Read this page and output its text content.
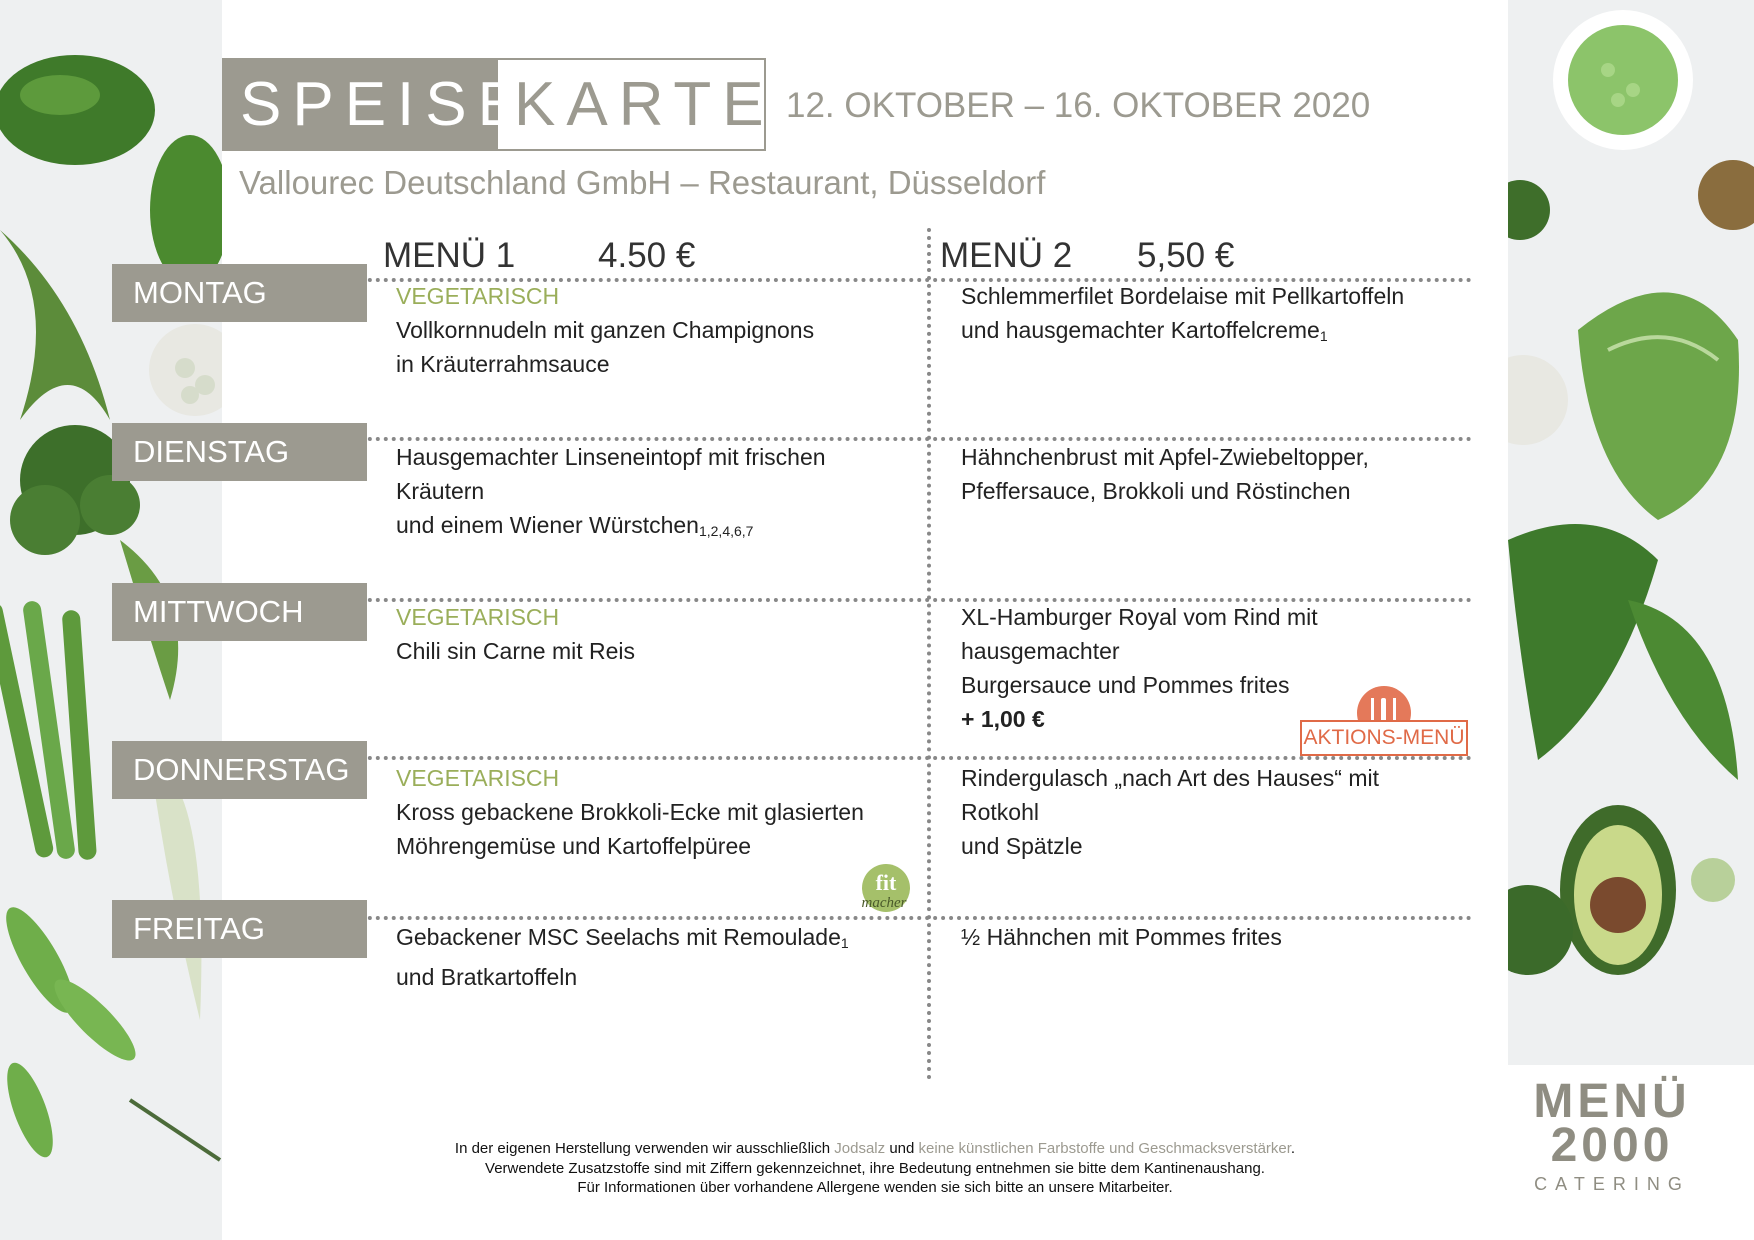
SPEISE
KARTE 12. OKTOBER – 16. OKTOBER 2020
Vallourec Deutschland GmbH – Restaurant, Düsseldorf
MENÜ 1 4.50 €	MENÜ 2 5,50 €
MONTAG
DIENSTAG
MITTWOCH
DONNERSTAG
FREITAG
VEGETARISCH
Vollkornnudeln mit ganzen Champignons
in Kräuterrahmsauce
Schlemmerfilet Bordelaise mit Pellkartoffeln
und hausgemachter Kartoffelcreme1
Hausgemachter Linseneintopf mit frischen Kräutern
und einem Wiener Würstchen1,2,4,6,7
Hähnchenbrust mit Apfel-Zwiebeltopper,
Pfeffersauce, Brokkoli und Röstinchen
VEGETARISCH
Chili sin Carne mit Reis
XL-Hamburger Royal vom Rind mit hausgemachter
Burgersauce und Pommes frites
+ 1,00 €
AKTIONS-MENÜ
VEGETARISCH
Kross gebackene Brokkoli-Ecke mit glasierten
Möhrengemüse und Kartoffelpüree
Rindergulasch „nach Art des Hauses“ mit Rotkohl
und Spätzle
fit
macher
Gebackener MSC Seelachs mit Remoulade1
und Bratkartoffeln
½ Hähnchen mit Pommes frites
In der eigenen Herstellung verwenden wir ausschließlich Jodsalz und keine künstlichen Farbstoffe und Geschmacksverstärker.
Verwendete Zusatzstoffe sind mit Ziffern gekennzeichnet, ihre Bedeutung entnehmen sie bitte dem Kantinenaushang.
Für Informationen über vorhandene Allergene wenden sie sich bitte an unsere Mitarbeiter.
MENÜ
2000
CATERING
